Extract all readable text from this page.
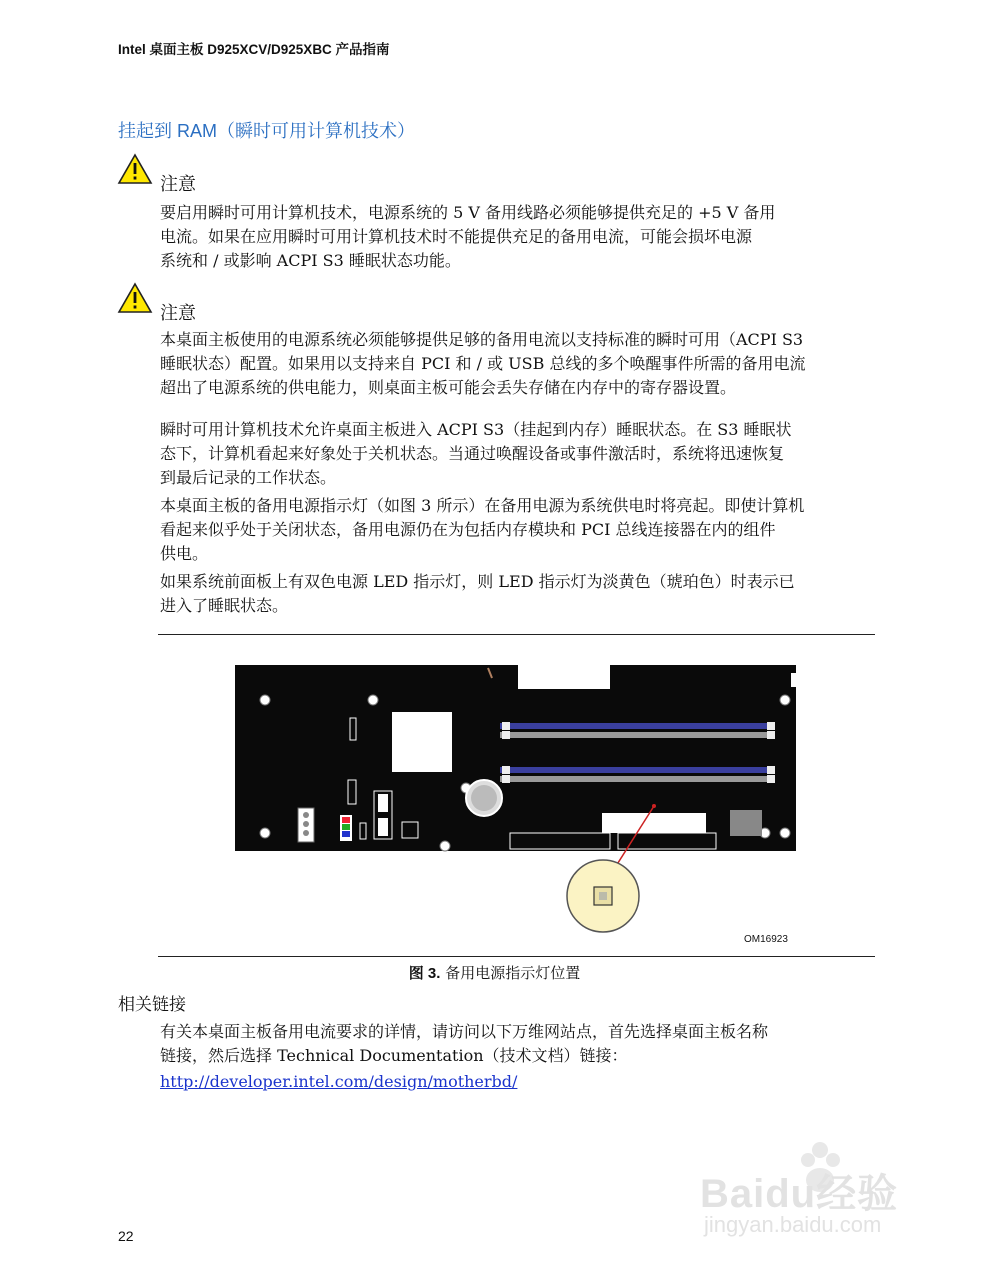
Intel 桌面主板 D925XCV/D925XBC 产品指南
挂起到 RAM（瞬时可用计算机技术）
注意

要启用瞬时可用计算机技术，电源系统的 5 V 备用线路必须能够提供充足的 +5 V 备用

电流。如果在应用瞬时可用计算机技术时不能提供充足的备用电流，可能会损坏电源

系统和 / 或影响 ACPI S3 睡眠状态功能。

注意

本桌面主板使用的电源系统必须能够提供足够的备用电流以支持标准的瞬时可用（ACPI S3

睡眠状态）配置。如果用以支持来自 PCI 和 / 或 USB 总线的多个唤醒事件所需的备用电流

超出了电源系统的供电能力，则桌面主板可能会丢失存储在内存中的寄存器设置。

瞬时可用计算机技术允许桌面主板进入 ACPI S3（挂起到内存）睡眠状态。在 S3 睡眠状

态下，计算机看起来好象处于关机状态。当通过唤醒设备或事件激活时，系统将迅速恢复

到最后记录的工作状态。

本桌面主板的备用电源指示灯（如图 3 所示）在备用电源为系统供电时将亮起。即使计算机

看起来似乎处于关闭状态，备用电源仍在为包括内存模块和 PCI 总线连接器在内的组件

供电。

如果系统前面板上有双色电源 LED 指示灯，则 LED 指示灯为淡黄色（琥珀色）时表示已

进入了睡眠状态。

OM16923
图 3. 备用电源指示灯位置
相关链接

有关本桌面主板备用电流要求的详情，请访问以下万维网站点，首先选择桌面主板名称

链接，然后选择 Technical Documentation（技术文档）链接：

http://developer.intel.com/design/motherbd/
Baidu经验
jingyan.baidu.com
22
